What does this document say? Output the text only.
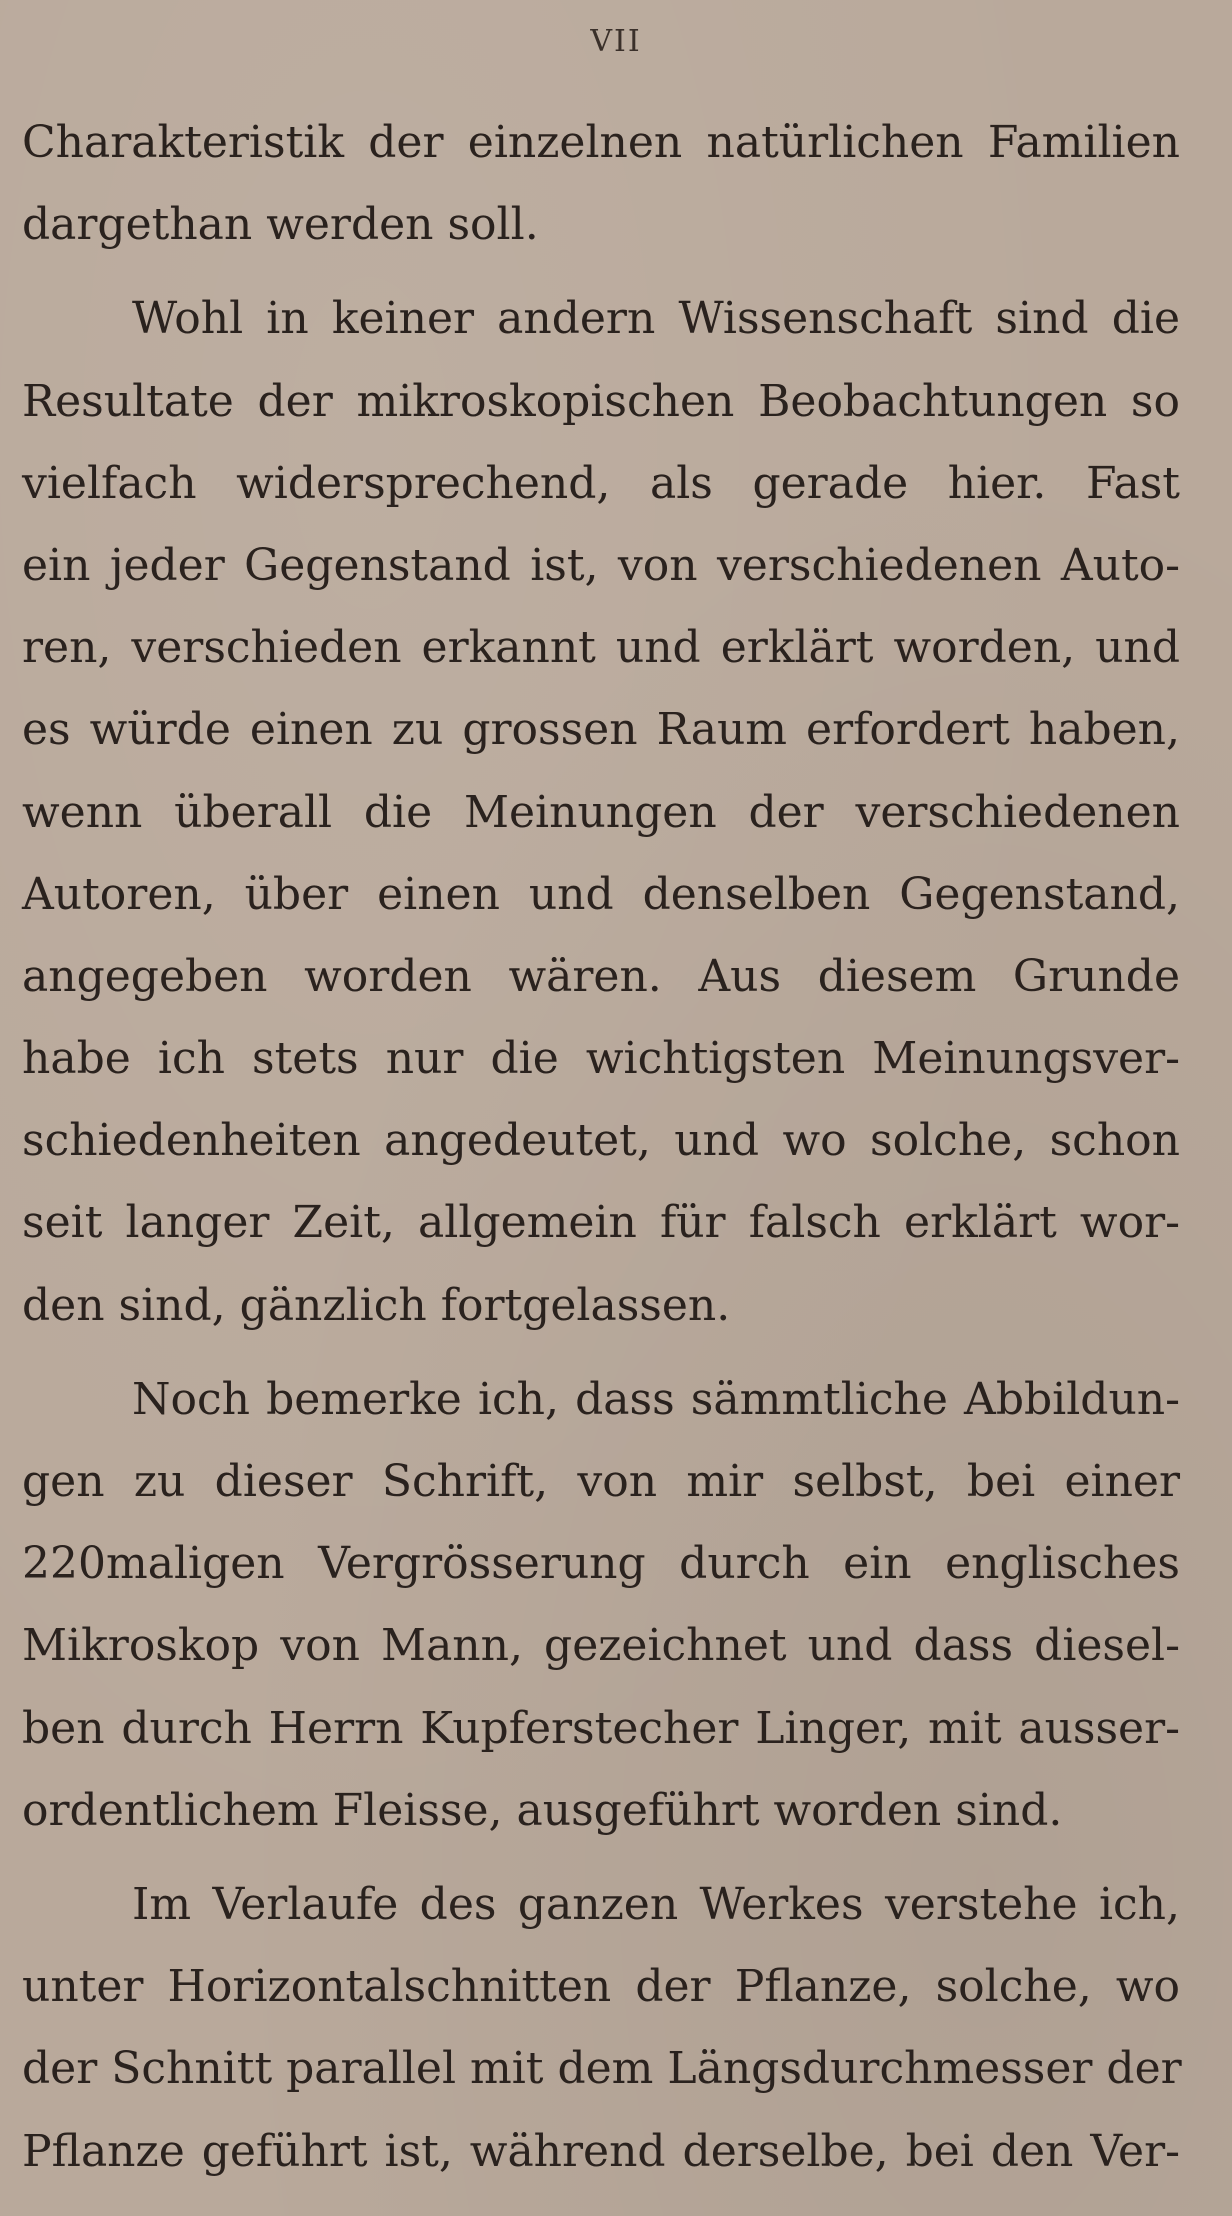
VII
Charakteristik der einzelnen natürlichen Familien
dargethan werden soll.
Wohl in keiner andern Wissenschaft sind die
Resultate der mikroskopischen Beobachtungen so
vielfach widersprechend, als gerade hier. Fast
ein jeder Gegenstand ist, von verschiedenen Auto-
ren, verschieden erkannt und erklärt worden, und
es würde einen zu grossen Raum erfordert haben,
wenn überall die Meinungen der verschiedenen
Autoren, über einen und denselben Gegenstand,
angegeben worden wären. Aus diesem Grunde
habe ich stets nur die wichtigsten Meinungsver-
schiedenheiten angedeutet, und wo solche, schon
seit langer Zeit, allgemein für falsch erklärt wor-
den sind, gänzlich fortgelassen.
Noch bemerke ich, dass sämmtliche Abbildun-
gen zu dieser Schrift, von mir selbst, bei einer
220maligen Vergrösserung durch ein englisches
Mikroskop von Mann, gezeichnet und dass diesel-
ben durch Herrn Kupferstecher Linger, mit ausser-
ordentlichem Fleisse, ausgeführt worden sind.
Im Verlaufe des ganzen Werkes verstehe ich,
unter Horizontalschnitten der Pflanze, solche, wo
der Schnitt parallel mit dem Längsdurchmesser der
Pflanze geführt ist, während derselbe, bei den Ver-
